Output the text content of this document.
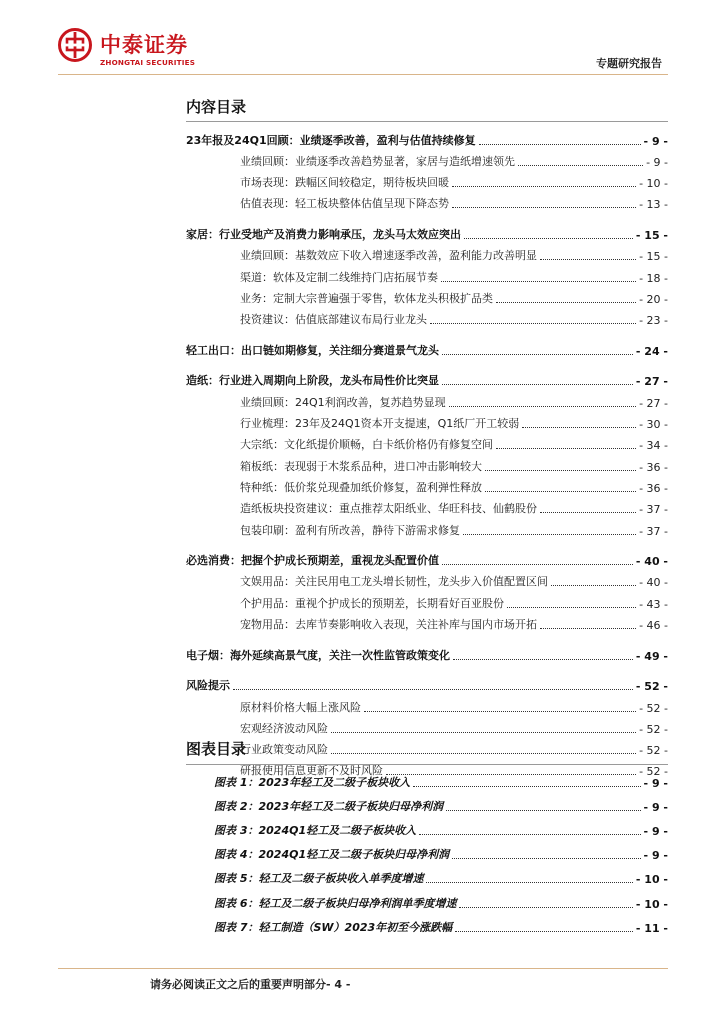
中泰证券
ZHONGTAI SECURITIES	专题研究报告
内容目录
23年报及24Q1回顾：业绩逐季改善，盈利与估值持续修复	- 9 -
业绩回顾：业绩逐季改善趋势显著，家居与造纸增速领先	- 9 -
市场表现：跌幅区间较稳定，期待板块回暖	- 10 -
估值表现：轻工板块整体估值呈现下降态势	- 13 -
家居：行业受地产及消费力影响承压，龙头马太效应突出	- 15 -
业绩回顾：基数效应下收入增速逐季改善，盈利能力改善明显	- 15 -
渠道：软体及定制二线维持门店拓展节奏	- 18 -
业务：定制大宗普遍强于零售，软体龙头积极扩品类	- 20 -
投资建议：估值底部建议布局行业龙头	- 23 -
轻工出口：出口链如期修复，关注细分赛道景气龙头	- 24 -
造纸：行业进入周期向上阶段，龙头布局性价比突显	- 27 -
业绩回顾：24Q1利润改善，复苏趋势显现	- 27 -
行业梳理：23年及24Q1资本开支提速，Q1纸厂开工较弱	- 30 -
大宗纸：文化纸提价顺畅，白卡纸价格仍有修复空间	- 34 -
箱板纸：表现弱于木浆系品种，进口冲击影响较大	- 36 -
特种纸：低价浆兑现叠加纸价修复，盈利弹性释放	- 36 -
造纸板块投资建议：重点推荐太阳纸业、华旺科技、仙鹤股份	- 37 -
包装印刷：盈利有所改善，静待下游需求修复	- 37 -
必选消费：把握个护成长预期差，重视龙头配置价值	- 40 -
文娱用品：关注民用电工龙头增长韧性，龙头步入价值配置区间	- 40 -
个护用品：重视个护成长的预期差，长期看好百亚股份	- 43 -
宠物用品：去库节奏影响收入表现，关注补库与国内市场开拓	- 46 -
电子烟：海外延续高景气度，关注一次性监管政策变化	- 49 -
风险提示	- 52 -
原材料价格大幅上涨风险	- 52 -
宏观经济波动风险	- 52 -
行业政策变动风险	- 52 -
研报使用信息更新不及时风险	- 52 -
图表目录
图表 1：2023年轻工及二级子板块收入	- 9 -
图表 2：2023年轻工及二级子板块归母净利润	- 9 -
图表 3：2024Q1轻工及二级子板块收入	- 9 -
图表 4：2024Q1轻工及二级子板块归母净利润	- 9 -
图表 5：轻工及二级子板块收入单季度增速	- 10 -
图表 6：轻工及二级子板块归母净利润单季度增速	- 10 -
图表 7：轻工制造（SW）2023年初至今涨跌幅	- 11 -
请务必阅读正文之后的重要声明部分- 4 -
